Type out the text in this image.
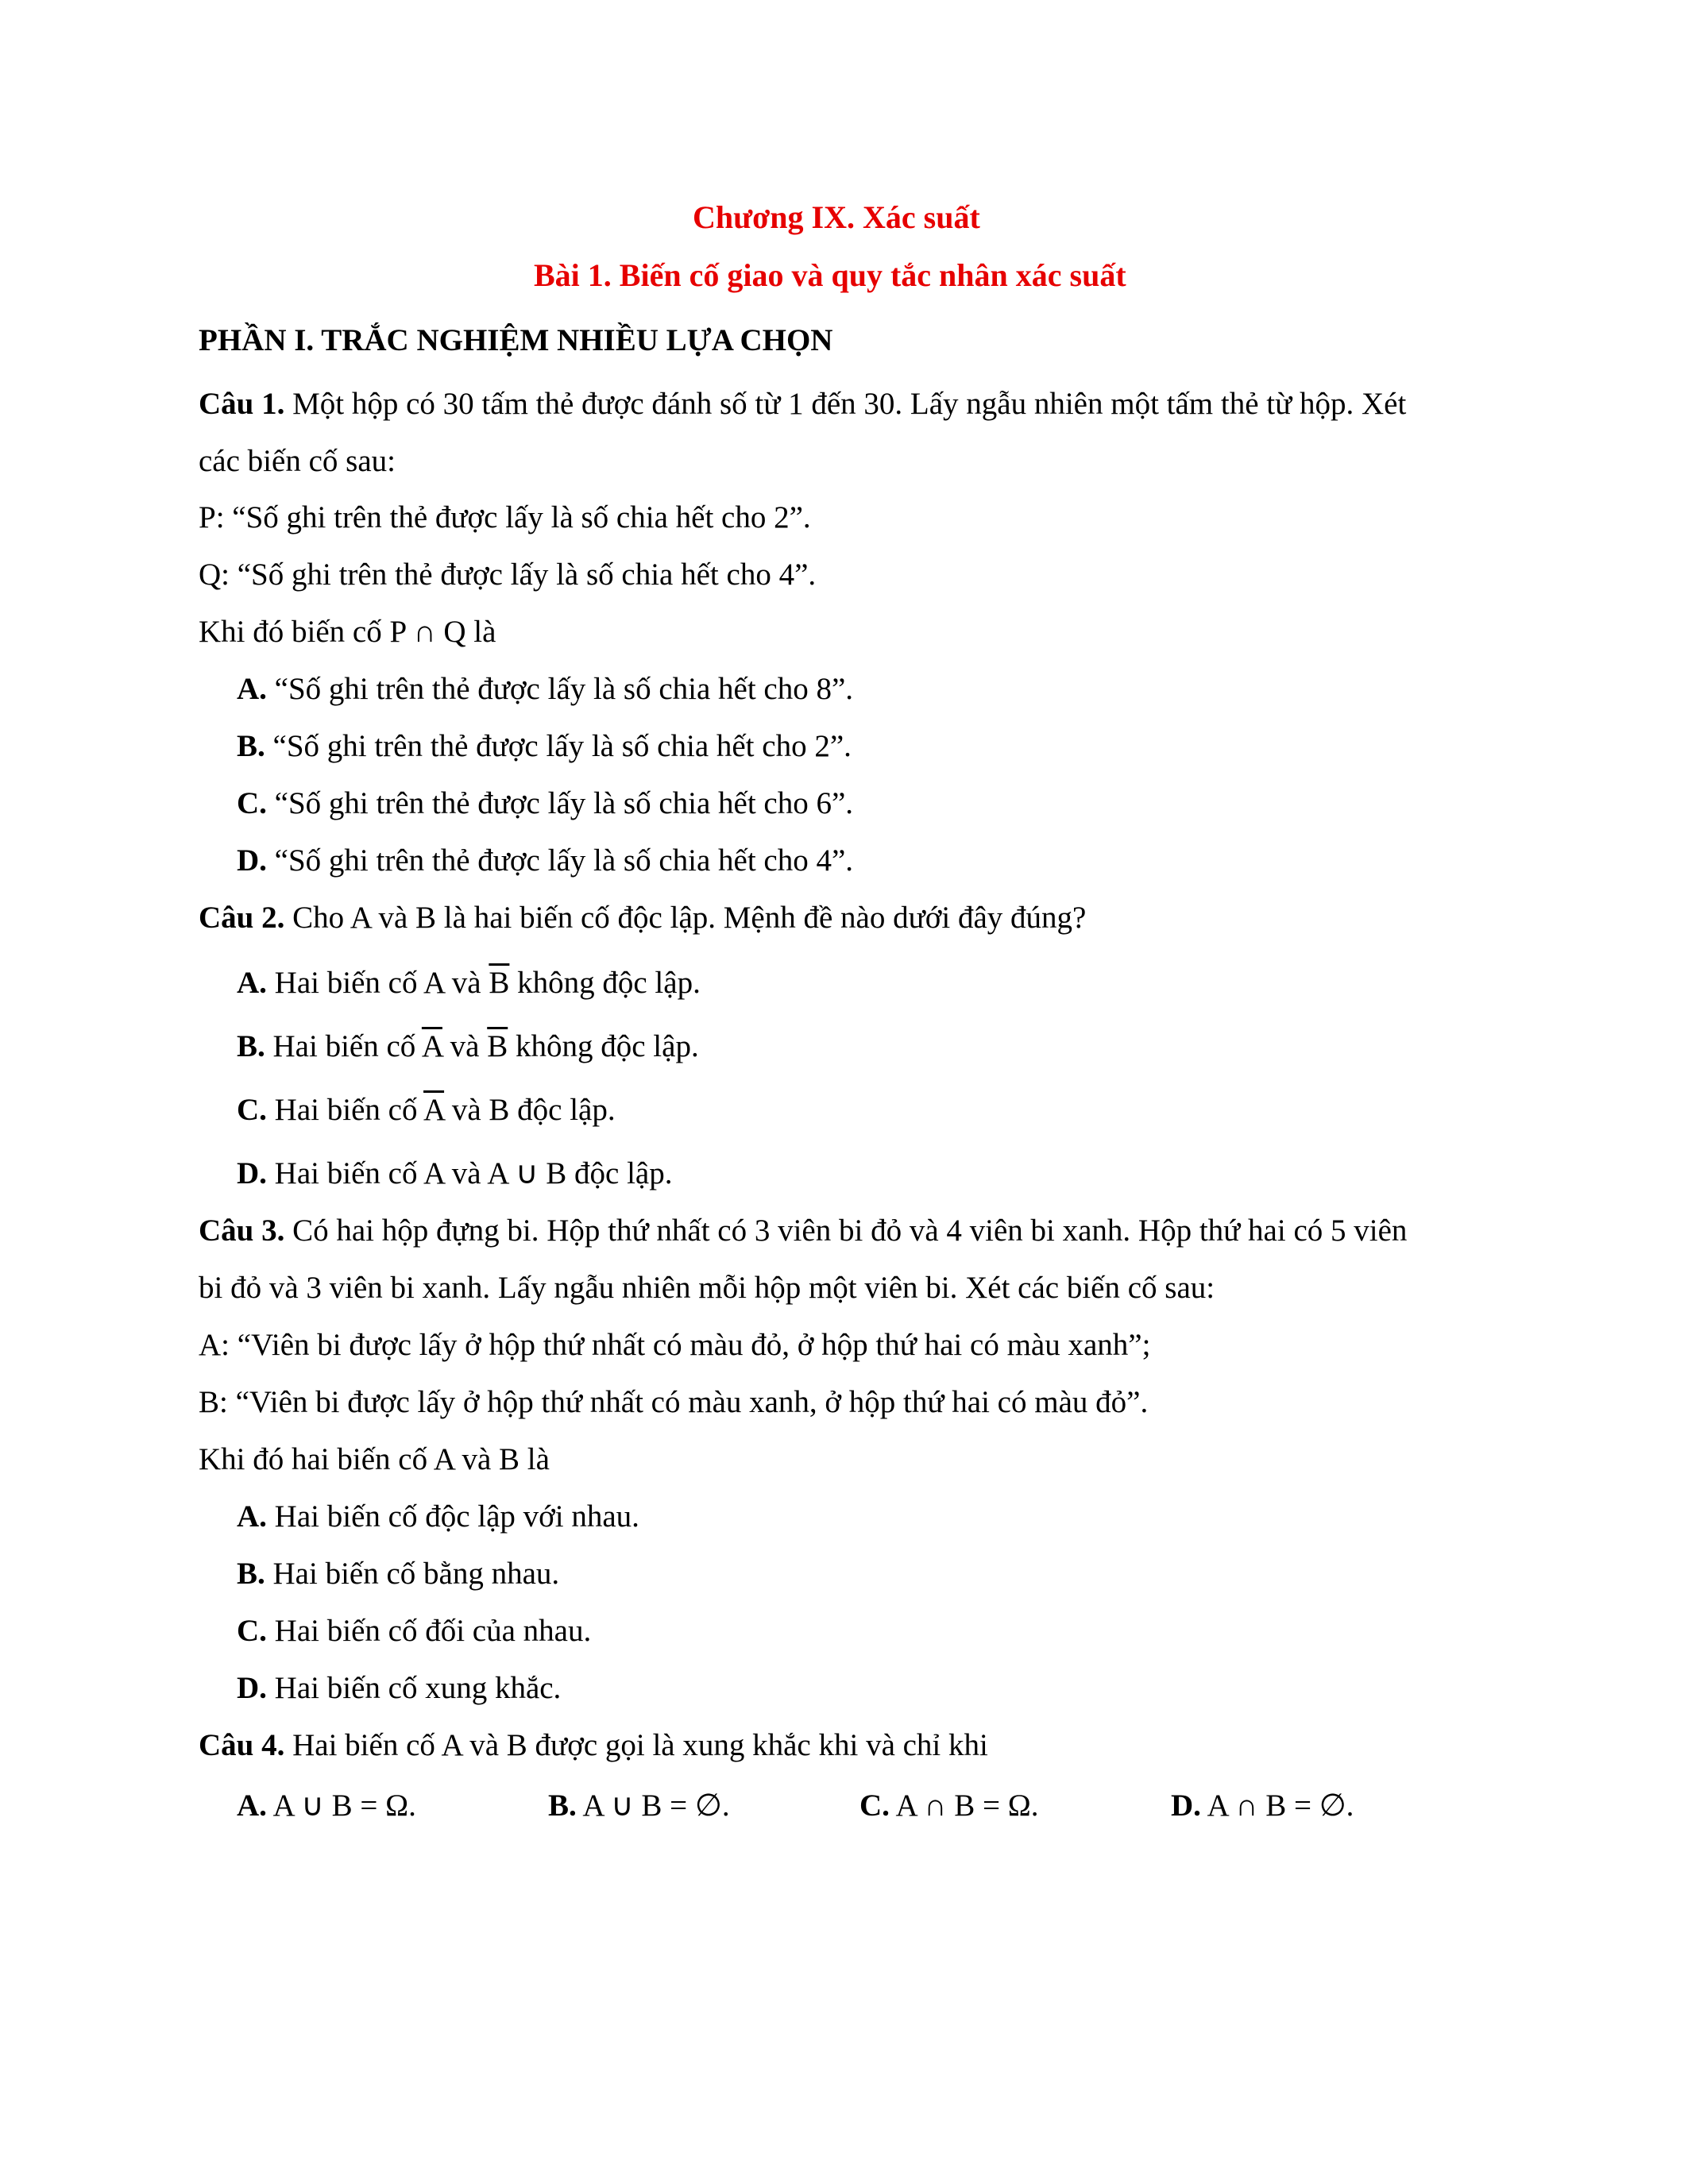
Chương IX. Xác suất
Bài 1. Biến cố giao và quy tắc nhân xác suất
PHẦN I. TRẮC NGHIỆM NHIỀU LỰA CHỌN
Câu 1. Một hộp có 30 tấm thẻ được đánh số từ 1 đến 30. Lấy ngẫu nhiên một tấm thẻ từ hộp. Xét
các biến cố sau:
P: “Số ghi trên thẻ được lấy là số chia hết cho 2”.
Q: “Số ghi trên thẻ được lấy là số chia hết cho 4”.
Khi đó biến cố P ∩ Q là
A. “Số ghi trên thẻ được lấy là số chia hết cho 8”.
B. “Số ghi trên thẻ được lấy là số chia hết cho 2”.
C. “Số ghi trên thẻ được lấy là số chia hết cho 6”.
D. “Số ghi trên thẻ được lấy là số chia hết cho 4”.
Câu 2. Cho A và B là hai biến cố độc lập. Mệnh đề nào dưới đây đúng?
A. Hai biến cố A và $\overline{B}$ không độc lập.
B. Hai biến cố $\overline{A}$ và $\overline{B}$ không độc lập.
C. Hai biến cố $\overline{A}$ và B độc lập.
D. Hai biến cố A và A ∪ B độc lập.
Câu 3. Có hai hộp đựng bi. Hộp thứ nhất có 3 viên bi đỏ và 4 viên bi xanh. Hộp thứ hai có 5 viên
bi đỏ và 3 viên bi xanh. Lấy ngẫu nhiên mỗi hộp một viên bi. Xét các biến cố sau:
A: “Viên bi được lấy ở hộp thứ nhất có màu đỏ, ở hộp thứ hai có màu xanh”;
B: “Viên bi được lấy ở hộp thứ nhất có màu xanh, ở hộp thứ hai có màu đỏ”.
Khi đó hai biến cố A và B là
A. Hai biến cố độc lập với nhau.
B. Hai biến cố bằng nhau.
C. Hai biến cố đối của nhau.
D. Hai biến cố xung khắc.
Câu 4. Hai biến cố A và B được gọi là xung khắc khi và chỉ khi
A. A ∪ B = Ω.	B. A ∪ B = ∅.	C. A ∩ B = Ω.	D. A ∩ B = ∅.
